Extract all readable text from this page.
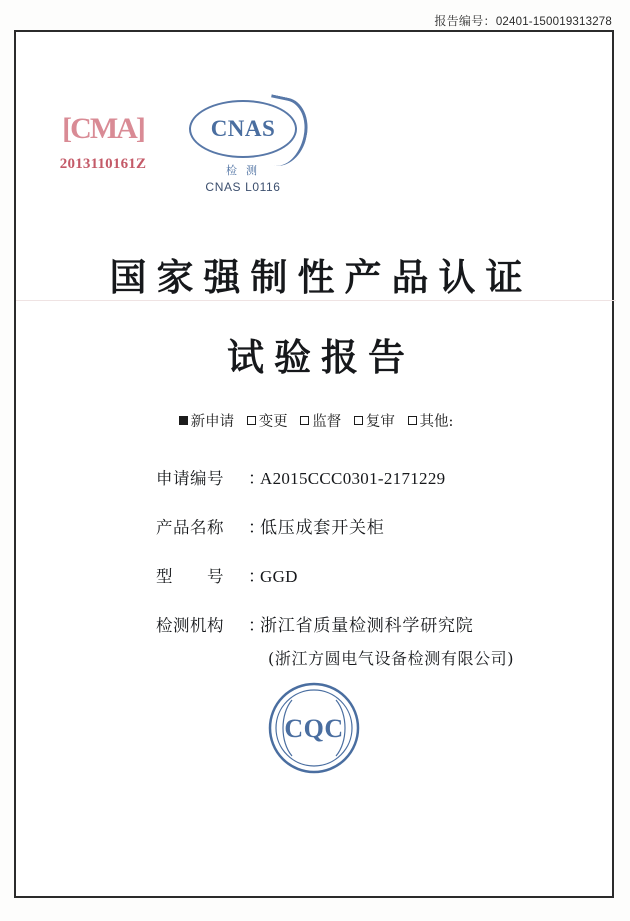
报告编号：02401-150019313278
[CMA]
2013110161Z
CNAS
检 测
CNAS L0116
国家强制性产品认证
试验报告
新申请 变更 监督 复审 其他:
申请编号	：
A2015CCC0301-2171229
产品名称	：
低压成套开关柜
型　　号	：
GGD
检测机构	：
浙江省质量检测科学研究院
(浙江方圆电气设备检测有限公司)
CQC
